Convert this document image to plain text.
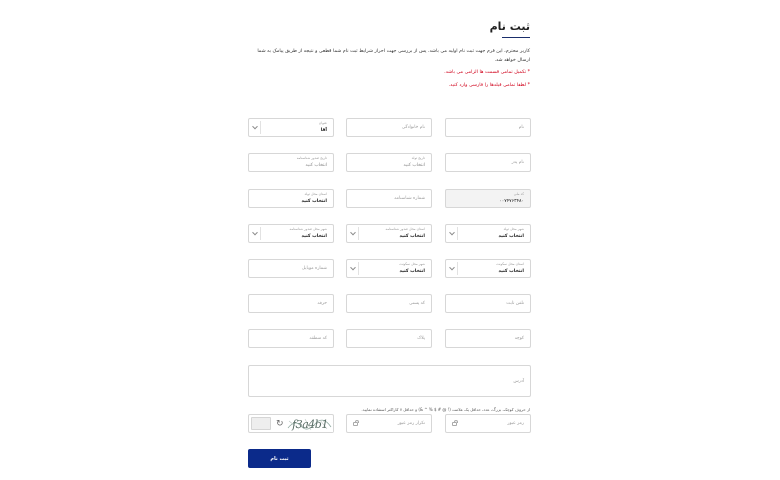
ثبت نام
کاربر محترم، این فرم جهت ثبت نام اولیه می باشد. پس از بررسی جهت احراز شرایط ثبت نام شما قطعی و نتیجه از طریق پیامک به شما ارسال خواهد شد.
* تکمیل تمامی قسمت ها الزامی می باشد.
* لطفا تمامی فیلدها را فارسی وارد کنید.
نام
نام خانوادگی
عنوان
آقا
نام پدر
تاریخ تولد
انتخاب کنید
تاریخ صدور شناسنامه
انتخاب کنید
کد ملی
۰۰۷۴۷۶۳۴۸۰
شماره شناسنامه
استان محل تولد
انتخاب کنید
شهر محل تولد
انتخاب کنید
استان محل صدور شناسنامه
انتخاب کنید
شهر محل صدور شناسنامه
انتخاب کنید
استان محل سکونت
انتخاب کنید
شهر محل سکونت
انتخاب کنید
شماره موبایل
تلفن ثابت
کد پستی
حرفه
کوچه
پلاک
کد منطقه
آدرس
از حروف کوچک، بزرگ، عدد، حداقل یک علامت (! @ # $ % ^ &) و حداقل ۷ کاراکتر استفاده نمایید.
رمز عبور
تکرار رمز عبور
↻ f3a4b1
ثبت نام
